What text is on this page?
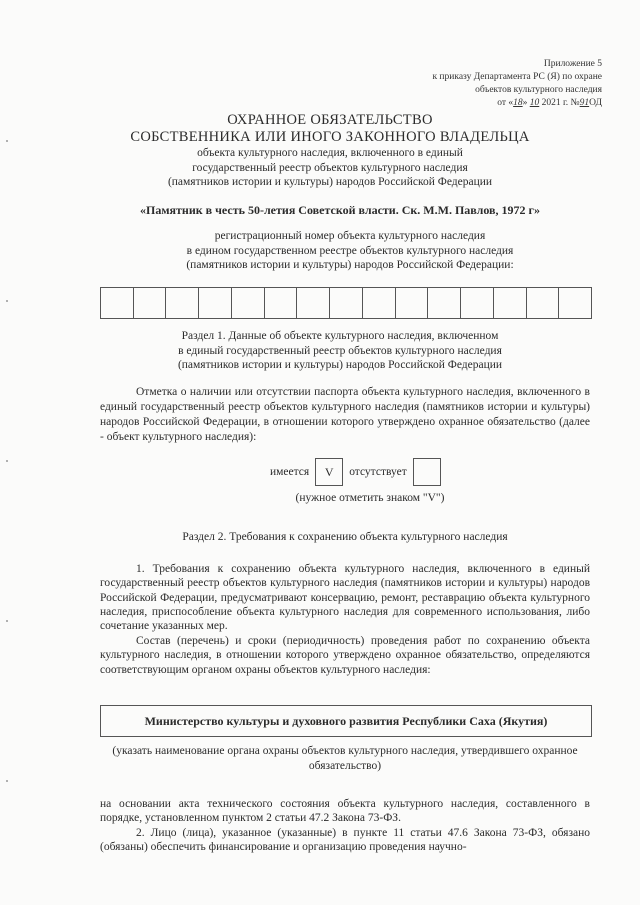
Приложение 5
к приказу Департамента РС (Я) по охране
объектов культурного наследия
от «18» 10 2021 г. №91ОД
ОХРАННОЕ ОБЯЗАТЕЛЬСТВО
СОБСТВЕННИКА ИЛИ ИНОГО ЗАКОННОГО ВЛАДЕЛЬЦА
объекта культурного наследия, включенного в единый
государственный реестр объектов культурного наследия
(памятников истории и культуры) народов Российской Федерации
«Памятник в честь 50-летия Советской власти. Ск. М.М. Павлов, 1972 г»
регистрационный номер объекта культурного наследия
в едином государственном реестре объектов культурного наследия
(памятников истории и культуры) народов Российской Федерации:
Раздел 1. Данные об объекте культурного наследия, включенном
в единый государственный реестр объектов культурного наследия
(памятников истории и культуры) народов Российской Федерации
Отметка о наличии или отсутствии паспорта объекта культурного наследия, включенного в единый государственный реестр объектов культурного наследия (памятников истории и культуры) народов Российской Федерации, в отношении которого утверждено охранное обязательство (далее - объект культурного наследия):
имеется	V	отсутствует
(нужное отметить знаком "V")
Раздел 2. Требования к сохранению объекта культурного наследия
1. Требования к сохранению объекта культурного наследия, включенного в единый государственный реестр объектов культурного наследия (памятников истории и культуры) народов Российской Федерации, предусматривают консервацию, ремонт, реставрацию объекта культурного наследия, приспособление объекта культурного наследия для современного использования, либо сочетание указанных мер.
Состав (перечень) и сроки (периодичность) проведения работ по сохранению объекта культурного наследия, в отношении которого утверждено охранное обязательство, определяются соответствующим органом охраны объектов культурного наследия:
Министерство культуры и духовного развития Республики Саха (Якутия)
(указать наименование органа охраны объектов культурного наследия, утвердившего охранное обязательство)
на основании акта технического состояния объекта культурного наследия, составленного в порядке, установленном пунктом 2 статьи 47.2 Закона 73-ФЗ.
2. Лицо (лица), указанное (указанные) в пункте 11 статьи 47.6 Закона 73-ФЗ, обязано (обязаны) обеспечить финансирование и организацию проведения научно-
